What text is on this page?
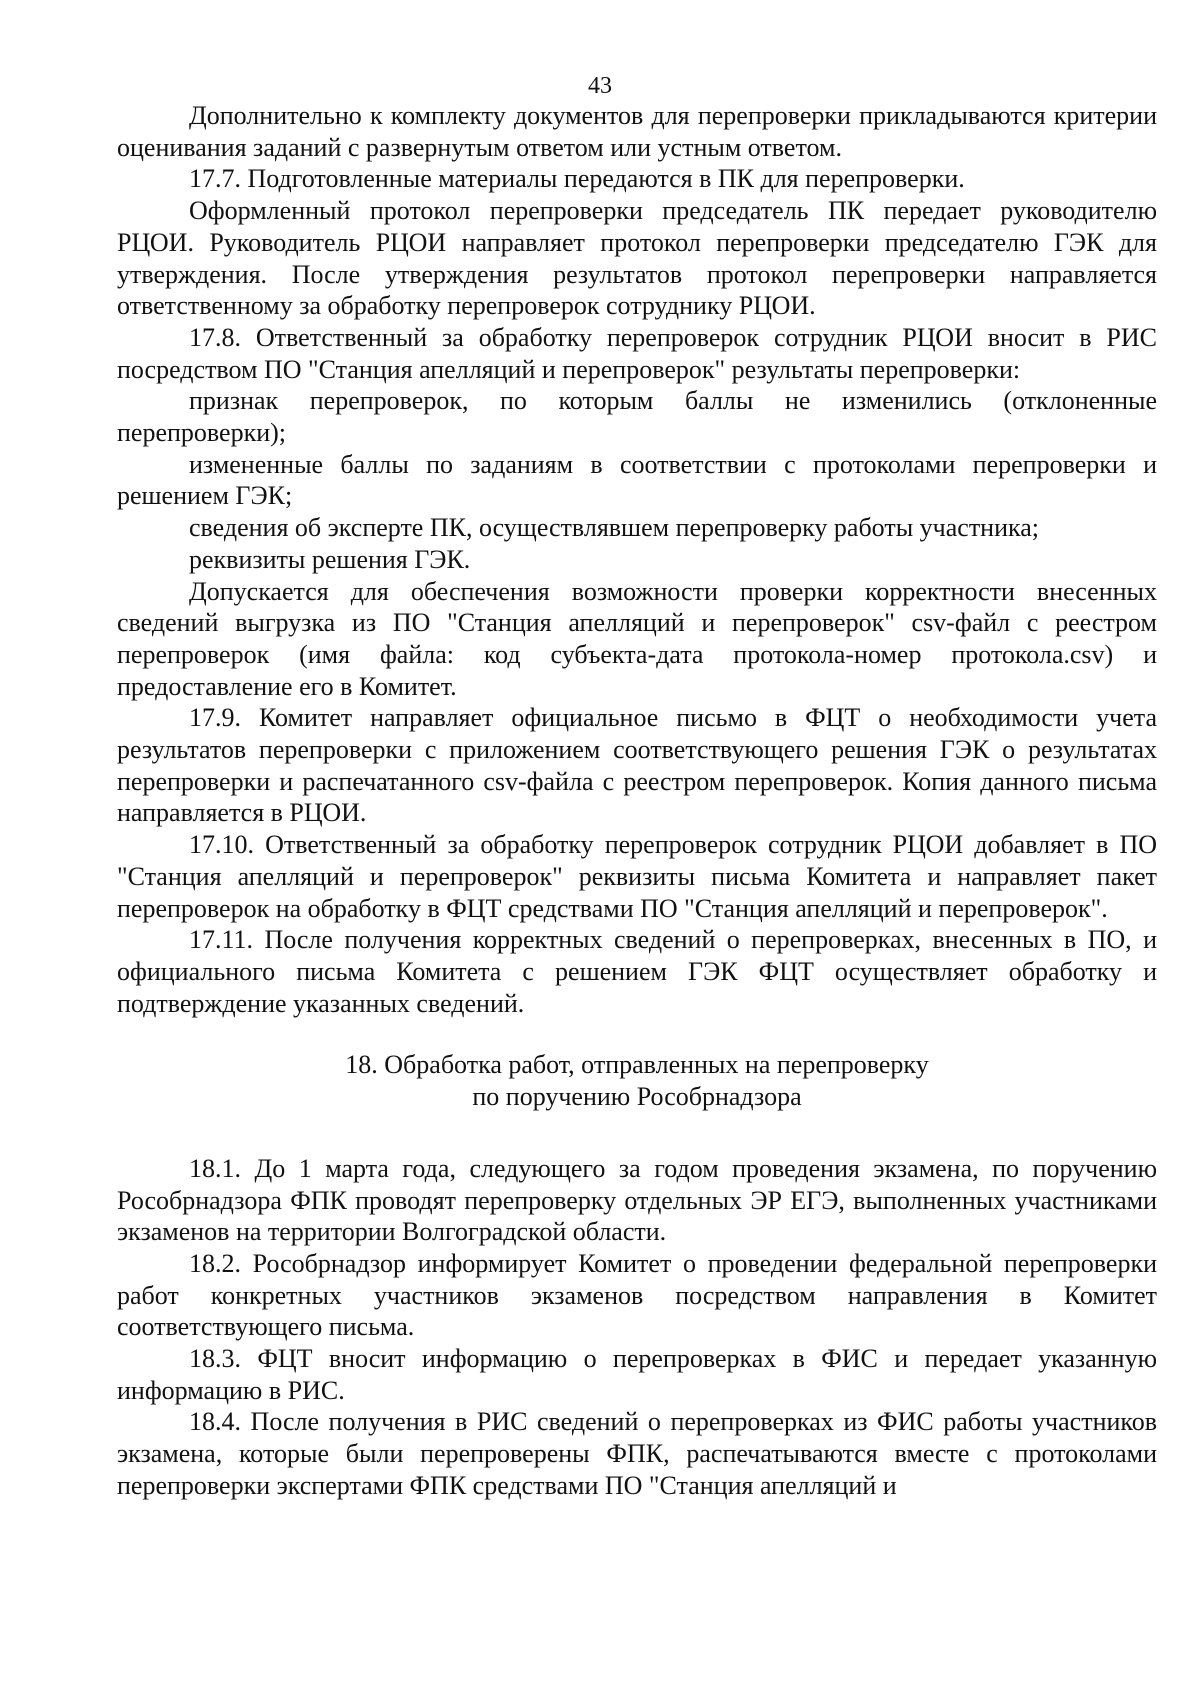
43

Дополнительно к комплекту документов для перепроверки прикладываются критерии оценивания заданий с развернутым ответом или устным ответом.

17.7. Подготовленные материалы передаются в ПК для перепроверки.

Оформленный протокол перепроверки председатель ПК передает руководителю РЦОИ. Руководитель РЦОИ направляет протокол перепроверки председателю ГЭК для утверждения. После утверждения результатов протокол перепроверки направляется ответственному за обработку перепроверок сотруднику РЦОИ.

17.8. Ответственный за обработку перепроверок сотрудник РЦОИ вносит в РИС посредством ПО "Станция апелляций и перепроверок" результаты перепроверки:

признак перепроверок, по которым баллы не изменились (отклоненные перепроверки);

измененные баллы по заданиям в соответствии с протоколами перепроверки и решением ГЭК;

сведения об эксперте ПК, осуществлявшем перепроверку работы участника;

реквизиты решения ГЭК.

Допускается для обеспечения возможности проверки корректности внесенных сведений выгрузка из ПО "Станция апелляций и перепроверок" csv-файл с реестром перепроверок (имя файла: код субъекта-дата протокола-номер протокола.csv) и предоставление его в Комитет.

17.9. Комитет направляет официальное письмо в ФЦТ о необходимости учета результатов перепроверки с приложением соответствующего решения ГЭК о результатах перепроверки и распечатанного csv-файла с реестром перепроверок. Копия данного письма направляется в РЦОИ.

17.10. Ответственный за обработку перепроверок сотрудник РЦОИ добавляет в ПО "Станция апелляций и перепроверок" реквизиты письма Комитета и направляет пакет перепроверок на обработку в ФЦТ средствами ПО "Станция апелляций и перепроверок".

17.11. После получения корректных сведений о перепроверках, внесенных в ПО, и официального письма Комитета с решением ГЭК ФЦТ осуществляет обработку и подтверждение указанных сведений.

18. Обработка работ, отправленных на перепроверку
по поручению Рособрнадзора

18.1. До 1 марта года, следующего за годом проведения экзамена, по поручению Рособрнадзора ФПК проводят перепроверку отдельных ЭР ЕГЭ, выполненных участниками экзаменов на территории Волгоградской области.

18.2. Рособрнадзор информирует Комитет о проведении федеральной перепроверки работ конкретных участников экзаменов посредством направления в Комитет соответствующего письма.

18.3. ФЦТ вносит информацию о перепроверках в ФИС и передает указанную информацию в РИС.

18.4. После получения в РИС сведений о перепроверках из ФИС работы участников экзамена, которые были перепроверены ФПК, распечатываются вместе с протоколами перепроверки экспертами ФПК средствами ПО "Станция апелляций и
